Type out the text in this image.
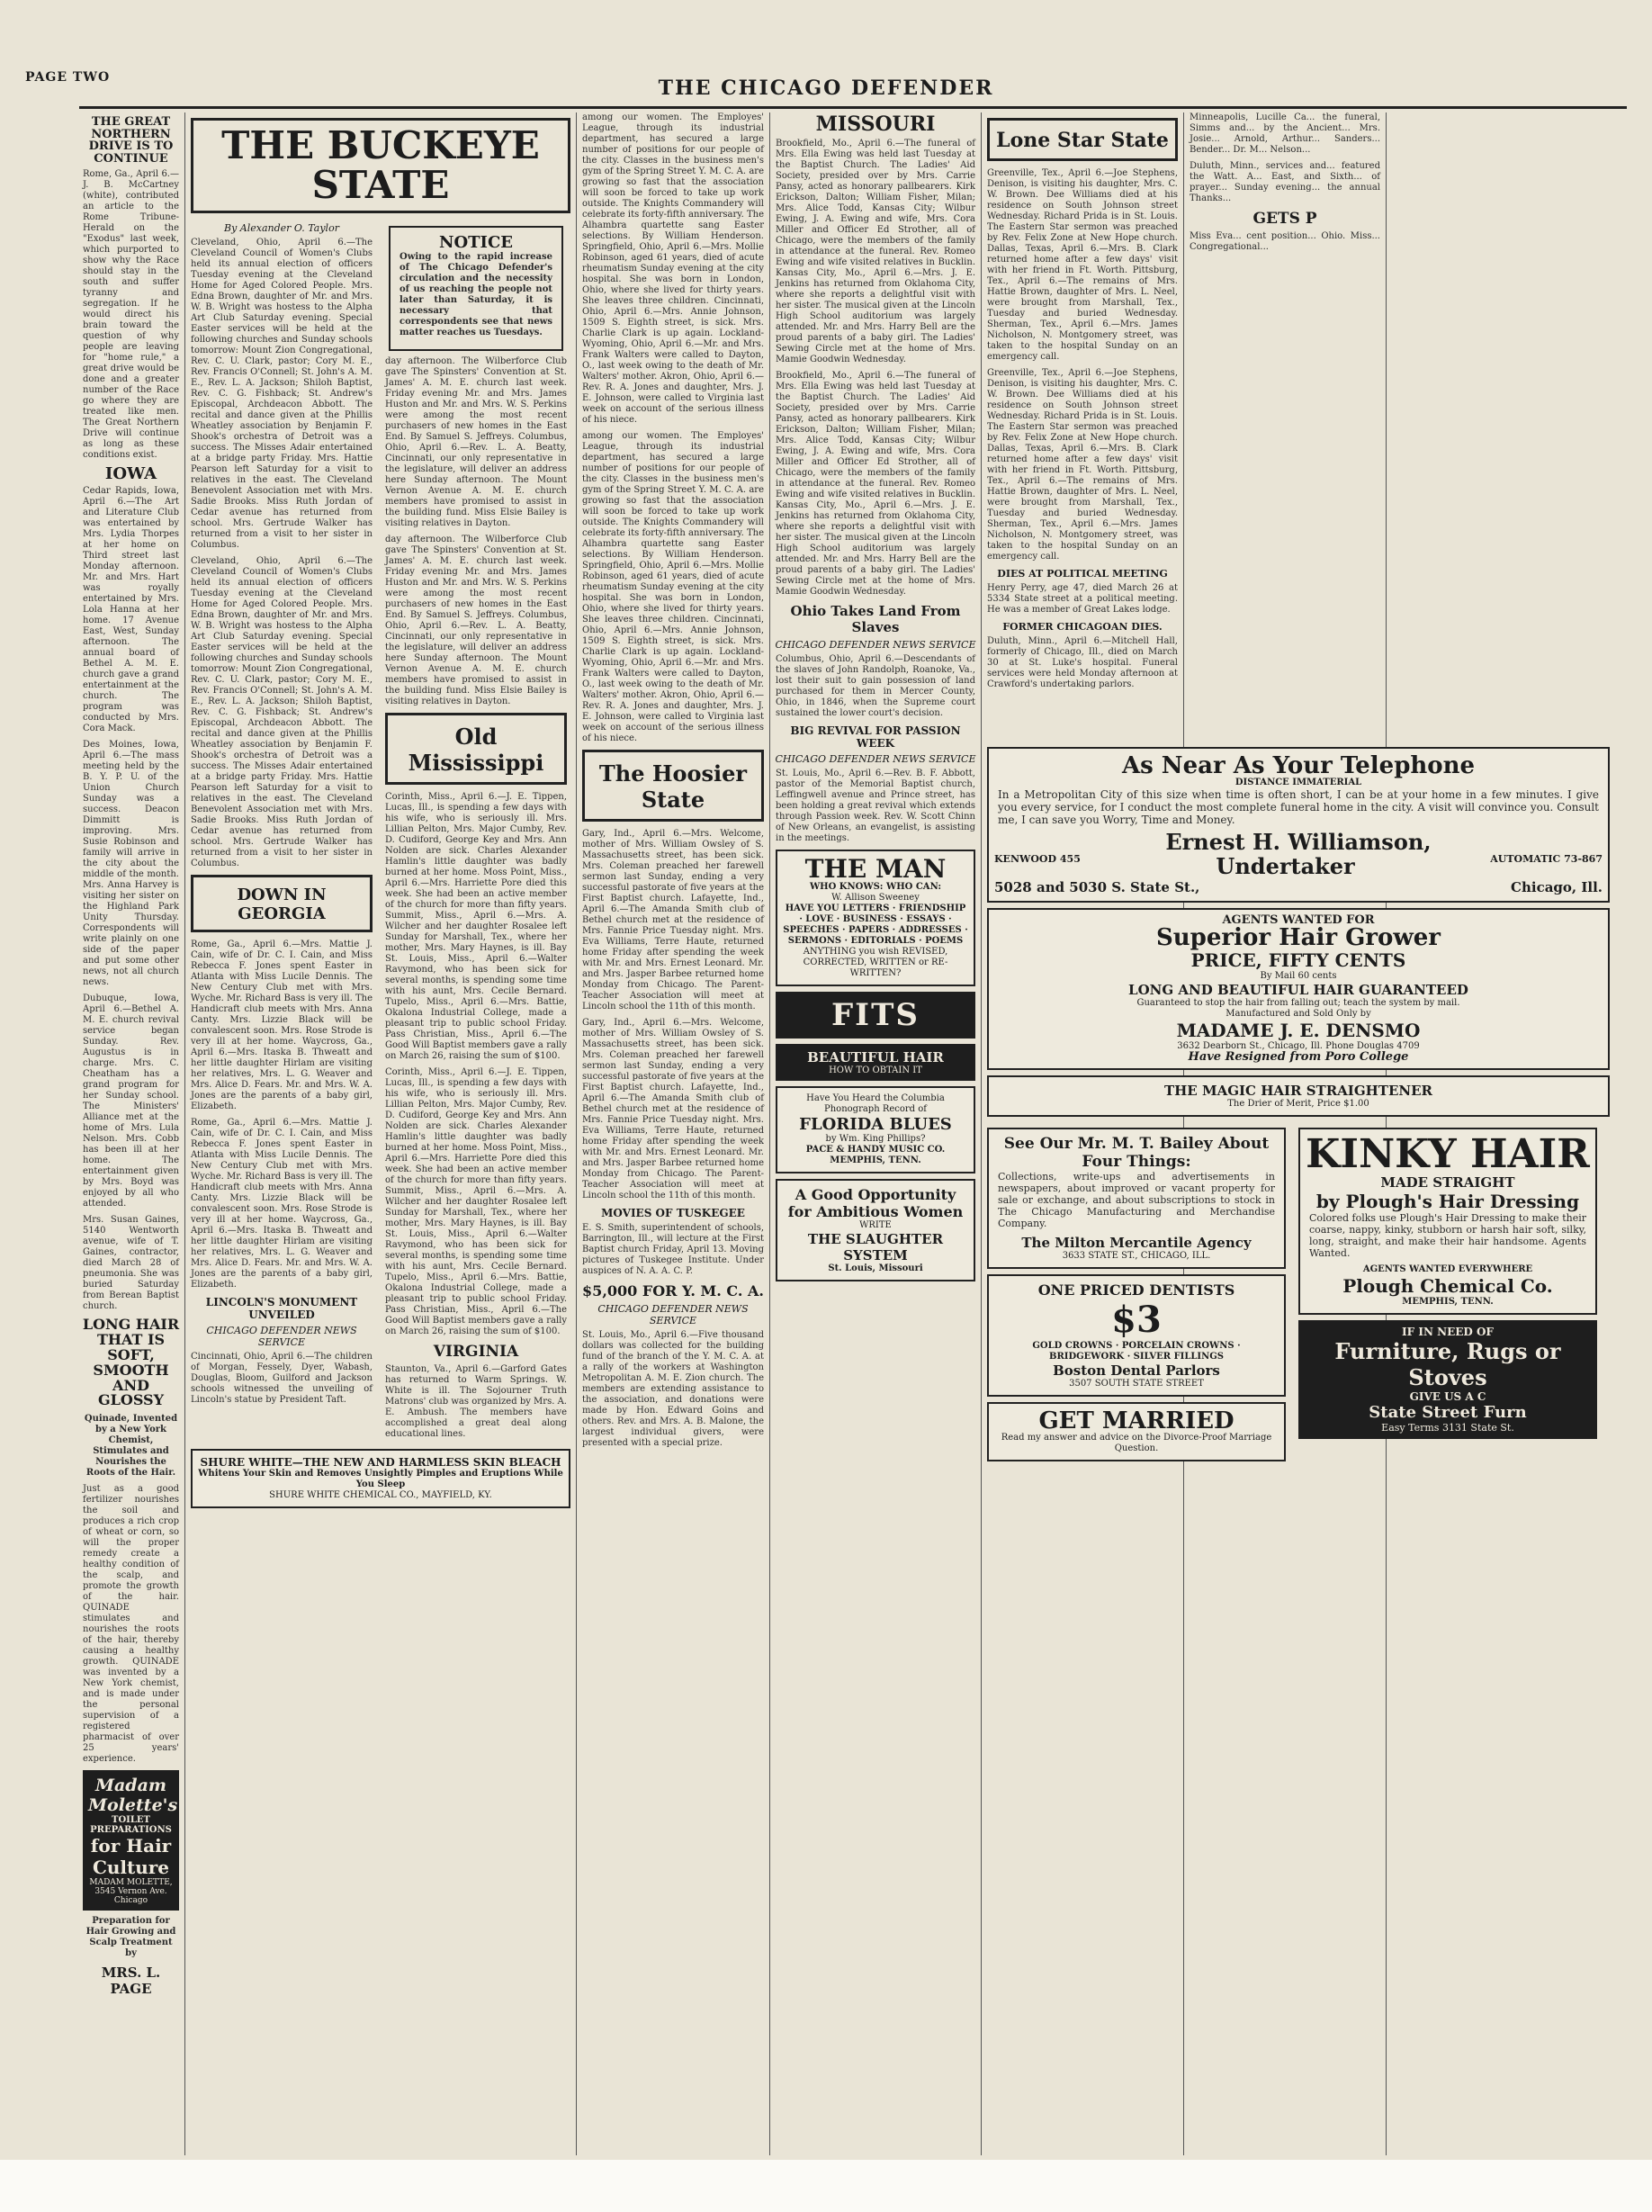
PAGE TWO	THE CHICAGO DEFENDER
THE GREAT NORTHERN DRIVE IS TO CONTINUE
Rome, Ga., April 6.—J. B. McCartney (white), contributed an article to the Rome Tribune-Herald on the "Exodus" last week, which purported to show why the Race should stay in the south and suffer tyranny and segregation. If he would direct his brain toward the question of why people are leaving for "home rule," a great drive would be done and a greater number of the Race go where they are treated like men. The Great Northern Drive will continue as long as these conditions exist.
IOWA
Cedar Rapids, Iowa, April 6.—The Art and Literature Club was entertained by Mrs. Lydia Thorpes at her home on Third street last Monday afternoon. Mr. and Mrs. Hart was royally entertained by Mrs. Lola Hanna at her home. 17 Avenue East, West, Sunday afternoon. The annual board of Bethel A. M. E. church gave a grand entertainment at the church. The program was conducted by Mrs. Cora Mack.
Des Moines, Iowa, April 6.—The mass meeting held by the B. Y. P. U. of the Union Church Sunday was a success. Deacon Dimmitt is improving. Mrs. Susie Robinson and family will arrive in the city about the middle of the month. Mrs. Anna Harvey is visiting her sister on the Highland Park Unity Thursday. Correspondents will write plainly on one side of the paper and put some other news, not all church news.
Dubuque, Iowa, April 6.—Bethel A. M. E. church revival service began Sunday. Rev. Augustus is in charge. Mrs. C. Cheatham has a grand program for her Sunday school. The Ministers' Alliance met at the home of Mrs. Lula Nelson. Mrs. Cobb has been ill at her home. The entertainment given by Mrs. Boyd was enjoyed by all who attended.
Mrs. Susan Gaines, 5140 Wentworth avenue, wife of T. Gaines, contractor, died March 28 of pneumonia. She was buried Saturday from Berean Baptist church.
LONG HAIR THAT IS SOFT, SMOOTH AND GLOSSY
Quinade, Invented by a New York Chemist, Stimulates and Nourishes the Roots of the Hair.
Just as a good fertilizer nourishes the soil and produces a rich crop of wheat or corn, so will the proper remedy create a healthy condition of the scalp, and promote the growth of the hair. QUINADE stimulates and nourishes the roots of the hair, thereby causing a healthy growth. QUINADE was invented by a New York chemist, and is made under the personal supervision of a registered pharmacist of over 25 years' experience.
Madam Molette's
TOILET PREPARATIONS
for Hair Culture
MADAM MOLETTE, 3545 Vernon Ave. Chicago
Preparation for Hair Growing and Scalp Treatment by
MRS. L. PAGE
THE BUCKEYE STATE
By Alexander O. Taylor
Cleveland, Ohio, April 6.—The Cleveland Council of Women's Clubs held its annual election of officers Tuesday evening at the Cleveland Home for Aged Colored People. Mrs. Edna Brown, daughter of Mr. and Mrs. W. B. Wright was hostess to the Alpha Art Club Saturday evening. Special Easter services will be held at the following churches and Sunday schools tomorrow: Mount Zion Congregational, Rev. C. U. Clark, pastor; Cory M. E., Rev. Francis O'Connell; St. John's A. M. E., Rev. L. A. Jackson; Shiloh Baptist, Rev. C. G. Fishback; St. Andrew's Episcopal, Archdeacon Abbott. The recital and dance given at the Phillis Wheatley association by Benjamin F. Shook's orchestra of Detroit was a success. The Misses Adair entertained at a bridge party Friday. Mrs. Hattie Pearson left Saturday for a visit to relatives in the east. The Cleveland Benevolent Association met with Mrs. Sadie Brooks. Miss Ruth Jordan of Cedar avenue has returned from school. Mrs. Gertrude Walker has returned from a visit to her sister in Columbus.
Cleveland, Ohio, April 6.—The Cleveland Council of Women's Clubs held its annual election of officers Tuesday evening at the Cleveland Home for Aged Colored People. Mrs. Edna Brown, daughter of Mr. and Mrs. W. B. Wright was hostess to the Alpha Art Club Saturday evening. Special Easter services will be held at the following churches and Sunday schools tomorrow: Mount Zion Congregational, Rev. C. U. Clark, pastor; Cory M. E., Rev. Francis O'Connell; St. John's A. M. E., Rev. L. A. Jackson; Shiloh Baptist, Rev. C. G. Fishback; St. Andrew's Episcopal, Archdeacon Abbott. The recital and dance given at the Phillis Wheatley association by Benjamin F. Shook's orchestra of Detroit was a success. The Misses Adair entertained at a bridge party Friday. Mrs. Hattie Pearson left Saturday for a visit to relatives in the east. The Cleveland Benevolent Association met with Mrs. Sadie Brooks. Miss Ruth Jordan of Cedar avenue has returned from school. Mrs. Gertrude Walker has returned from a visit to her sister in Columbus.
DOWN IN GEORGIA
Rome, Ga., April 6.—Mrs. Mattie J. Cain, wife of Dr. C. I. Cain, and Miss Rebecca F. Jones spent Easter in Atlanta with Miss Lucile Dennis. The New Century Club met with Mrs. Wyche. Mr. Richard Bass is very ill. The Handicraft club meets with Mrs. Anna Canty. Mrs. Lizzie Black will be convalescent soon. Mrs. Rose Strode is very ill at her home. Waycross, Ga., April 6.—Mrs. Itaska B. Thweatt and her little daughter Hirlam are visiting her relatives, Mrs. L. G. Weaver and Mrs. Alice D. Fears. Mr. and Mrs. W. A. Jones are the parents of a baby girl, Elizabeth.
Rome, Ga., April 6.—Mrs. Mattie J. Cain, wife of Dr. C. I. Cain, and Miss Rebecca F. Jones spent Easter in Atlanta with Miss Lucile Dennis. The New Century Club met with Mrs. Wyche. Mr. Richard Bass is very ill. The Handicraft club meets with Mrs. Anna Canty. Mrs. Lizzie Black will be convalescent soon. Mrs. Rose Strode is very ill at her home. Waycross, Ga., April 6.—Mrs. Itaska B. Thweatt and her little daughter Hirlam are visiting her relatives, Mrs. L. G. Weaver and Mrs. Alice D. Fears. Mr. and Mrs. W. A. Jones are the parents of a baby girl, Elizabeth.
LINCOLN'S MONUMENT UNVEILED
CHICAGO DEFENDER NEWS SERVICE
Cincinnati, Ohio, April 6.—The children of Morgan, Fessely, Dyer, Wabash, Douglas, Bloom, Guilford and Jackson schools witnessed the unveiling of Lincoln's statue by President Taft.
NOTICE
Owing to the rapid increase of The Chicago Defender's circulation and the necessity of us reaching the people not later than Saturday, it is necessary that correspondents see that news matter reaches us Tuesdays.
day afternoon. The Wilberforce Club gave The Spinsters' Convention at St. James' A. M. E. church last week. Friday evening Mr. and Mrs. James Huston and Mr. and Mrs. W. S. Perkins were among the most recent purchasers of new homes in the East End. By Samuel S. Jeffreys. Columbus, Ohio, April 6.—Rev. L. A. Beatty, Cincinnati, our only representative in the legislature, will deliver an address here Sunday afternoon. The Mount Vernon Avenue A. M. E. church members have promised to assist in the building fund. Miss Elsie Bailey is visiting relatives in Dayton.
day afternoon. The Wilberforce Club gave The Spinsters' Convention at St. James' A. M. E. church last week. Friday evening Mr. and Mrs. James Huston and Mr. and Mrs. W. S. Perkins were among the most recent purchasers of new homes in the East End. By Samuel S. Jeffreys. Columbus, Ohio, April 6.—Rev. L. A. Beatty, Cincinnati, our only representative in the legislature, will deliver an address here Sunday afternoon. The Mount Vernon Avenue A. M. E. church members have promised to assist in the building fund. Miss Elsie Bailey is visiting relatives in Dayton.
Old Mississippi
Corinth, Miss., April 6.—J. E. Tippen, Lucas, Ill., is spending a few days with his wife, who is seriously ill. Mrs. Lillian Pelton, Mrs. Major Cumby, Rev. D. Cudiford, George Key and Mrs. Ann Nolden are sick. Charles Alexander Hamlin's little daughter was badly burned at her home. Moss Point, Miss., April 6.—Mrs. Harriette Pore died this week. She had been an active member of the church for more than fifty years. Summit, Miss., April 6.—Mrs. A. Wilcher and her daughter Rosalee left Sunday for Marshall, Tex., where her mother, Mrs. Mary Haynes, is ill. Bay St. Louis, Miss., April 6.—Walter Ravymond, who has been sick for several months, is spending some time with his aunt, Mrs. Cecile Bernard. Tupelo, Miss., April 6.—Mrs. Battie, Okalona Industrial College, made a pleasant trip to public school Friday. Pass Christian, Miss., April 6.—The Good Will Baptist members gave a rally on March 26, raising the sum of $100.
Corinth, Miss., April 6.—J. E. Tippen, Lucas, Ill., is spending a few days with his wife, who is seriously ill. Mrs. Lillian Pelton, Mrs. Major Cumby, Rev. D. Cudiford, George Key and Mrs. Ann Nolden are sick. Charles Alexander Hamlin's little daughter was badly burned at her home. Moss Point, Miss., April 6.—Mrs. Harriette Pore died this week. She had been an active member of the church for more than fifty years. Summit, Miss., April 6.—Mrs. A. Wilcher and her daughter Rosalee left Sunday for Marshall, Tex., where her mother, Mrs. Mary Haynes, is ill. Bay St. Louis, Miss., April 6.—Walter Ravymond, who has been sick for several months, is spending some time with his aunt, Mrs. Cecile Bernard. Tupelo, Miss., April 6.—Mrs. Battie, Okalona Industrial College, made a pleasant trip to public school Friday. Pass Christian, Miss., April 6.—The Good Will Baptist members gave a rally on March 26, raising the sum of $100.
VIRGINIA
Staunton, Va., April 6.—Garford Gates has returned to Warm Springs. W. White is ill. The Sojourner Truth Matrons' club was organized by Mrs. A. E. Ambush. The members have accomplished a great deal along educational lines.
SHURE WHITE—THE NEW AND HARMLESS SKIN BLEACH
Whitens Your Skin and Removes Unsightly Pimples and Eruptions While You Sleep
SHURE WHITE CHEMICAL CO., MAYFIELD, KY.
among our women. The Employes' League, through its industrial department, has secured a large number of positions for our people of the city. Classes in the business men's gym of the Spring Street Y. M. C. A. are growing so fast that the association will soon be forced to take up work outside. The Knights Commandery will celebrate its forty-fifth anniversary. The Alhambra quartette sang Easter selections. By William Henderson. Springfield, Ohio, April 6.—Mrs. Mollie Robinson, aged 61 years, died of acute rheumatism Sunday evening at the city hospital. She was born in London, Ohio, where she lived for thirty years. She leaves three children. Cincinnati, Ohio, April 6.—Mrs. Annie Johnson, 1509 S. Eighth street, is sick. Mrs. Charlie Clark is up again. Lockland-Wyoming, Ohio, April 6.—Mr. and Mrs. Frank Walters were called to Dayton, O., last week owing to the death of Mr. Walters' mother. Akron, Ohio, April 6.—Rev. R. A. Jones and daughter, Mrs. J. E. Johnson, were called to Virginia last week on account of the serious illness of his niece.
among our women. The Employes' League, through its industrial department, has secured a large number of positions for our people of the city. Classes in the business men's gym of the Spring Street Y. M. C. A. are growing so fast that the association will soon be forced to take up work outside. The Knights Commandery will celebrate its forty-fifth anniversary. The Alhambra quartette sang Easter selections. By William Henderson. Springfield, Ohio, April 6.—Mrs. Mollie Robinson, aged 61 years, died of acute rheumatism Sunday evening at the city hospital. She was born in London, Ohio, where she lived for thirty years. She leaves three children. Cincinnati, Ohio, April 6.—Mrs. Annie Johnson, 1509 S. Eighth street, is sick. Mrs. Charlie Clark is up again. Lockland-Wyoming, Ohio, April 6.—Mr. and Mrs. Frank Walters were called to Dayton, O., last week owing to the death of Mr. Walters' mother. Akron, Ohio, April 6.—Rev. R. A. Jones and daughter, Mrs. J. E. Johnson, were called to Virginia last week on account of the serious illness of his niece.
The Hoosier State
Gary, Ind., April 6.—Mrs. Welcome, mother of Mrs. William Owsley of S. Massachusetts street, has been sick. Mrs. Coleman preached her farewell sermon last Sunday, ending a very successful pastorate of five years at the First Baptist church. Lafayette, Ind., April 6.—The Amanda Smith club of Bethel church met at the residence of Mrs. Fannie Price Tuesday night. Mrs. Eva Williams, Terre Haute, returned home Friday after spending the week with Mr. and Mrs. Ernest Leonard. Mr. and Mrs. Jasper Barbee returned home Monday from Chicago. The Parent-Teacher Association will meet at Lincoln school the 11th of this month.
Gary, Ind., April 6.—Mrs. Welcome, mother of Mrs. William Owsley of S. Massachusetts street, has been sick. Mrs. Coleman preached her farewell sermon last Sunday, ending a very successful pastorate of five years at the First Baptist church. Lafayette, Ind., April 6.—The Amanda Smith club of Bethel church met at the residence of Mrs. Fannie Price Tuesday night. Mrs. Eva Williams, Terre Haute, returned home Friday after spending the week with Mr. and Mrs. Ernest Leonard. Mr. and Mrs. Jasper Barbee returned home Monday from Chicago. The Parent-Teacher Association will meet at Lincoln school the 11th of this month.
MOVIES OF TUSKEGEE
E. S. Smith, superintendent of schools, Barrington, Ill., will lecture at the First Baptist church Friday, April 13. Moving pictures of Tuskegee Institute. Under auspices of N. A. A. C. P.
$5,000 FOR Y. M. C. A.
CHICAGO DEFENDER NEWS SERVICE
St. Louis, Mo., April 6.—Five thousand dollars was collected for the building fund of the branch of the Y. M. C. A. at a rally of the workers at Washington Metropolitan A. M. E. Zion church. The members are extending assistance to the association, and donations were made by Hon. Edward Goins and others. Rev. and Mrs. A. B. Malone, the largest individual givers, were presented with a special prize.
MISSOURI
Brookfield, Mo., April 6.—The funeral of Mrs. Ella Ewing was held last Tuesday at the Baptist Church. The Ladies' Aid Society, presided over by Mrs. Carrie Pansy, acted as honorary pallbearers. Kirk Erickson, Dalton; William Fisher, Milan; Mrs. Alice Todd, Kansas City; Wilbur Ewing, J. A. Ewing and wife, Mrs. Cora Miller and Officer Ed Strother, all of Chicago, were the members of the family in attendance at the funeral. Rev. Romeo Ewing and wife visited relatives in Bucklin. Kansas City, Mo., April 6.—Mrs. J. E. Jenkins has returned from Oklahoma City, where she reports a delightful visit with her sister. The musical given at the Lincoln High School auditorium was largely attended. Mr. and Mrs. Harry Bell are the proud parents of a baby girl. The Ladies' Sewing Circle met at the home of Mrs. Mamie Goodwin Wednesday.
Brookfield, Mo., April 6.—The funeral of Mrs. Ella Ewing was held last Tuesday at the Baptist Church. The Ladies' Aid Society, presided over by Mrs. Carrie Pansy, acted as honorary pallbearers. Kirk Erickson, Dalton; William Fisher, Milan; Mrs. Alice Todd, Kansas City; Wilbur Ewing, J. A. Ewing and wife, Mrs. Cora Miller and Officer Ed Strother, all of Chicago, were the members of the family in attendance at the funeral. Rev. Romeo Ewing and wife visited relatives in Bucklin. Kansas City, Mo., April 6.—Mrs. J. E. Jenkins has returned from Oklahoma City, where she reports a delightful visit with her sister. The musical given at the Lincoln High School auditorium was largely attended. Mr. and Mrs. Harry Bell are the proud parents of a baby girl. The Ladies' Sewing Circle met at the home of Mrs. Mamie Goodwin Wednesday.
Ohio Takes Land From Slaves
CHICAGO DEFENDER NEWS SERVICE
Columbus, Ohio, April 6.—Descendants of the slaves of John Randolph, Roanoke, Va., lost their suit to gain possession of land purchased for them in Mercer County, Ohio, in 1846, when the Supreme court sustained the lower court's decision.
BIG REVIVAL FOR PASSION WEEK
CHICAGO DEFENDER NEWS SERVICE
St. Louis, Mo., April 6.—Rev. B. F. Abbott, pastor of the Memorial Baptist church, Leffingwell avenue and Prince street, has been holding a great revival which extends through Passion week. Rev. W. Scott Chinn of New Orleans, an evangelist, is assisting in the meetings.
THE MAN
WHO KNOWS: WHO CAN:
W. Allison Sweeney
HAVE YOU LETTERS · FRIENDSHIP · LOVE · BUSINESS · ESSAYS · SPEECHES · PAPERS · ADDRESSES · SERMONS · EDITORIALS · POEMS
ANYTHING you wish REVISED, CORRECTED, WRITTEN or RE-WRITTEN?
FITS
BEAUTIFUL HAIR
HOW TO OBTAIN IT
Have You Heard the Columbia Phonograph Record of
FLORIDA BLUES
by Wm. King Phillips?
PACE & HANDY MUSIC CO. MEMPHIS, TENN.
A Good Opportunity for Ambitious Women
WRITE
THE SLAUGHTER SYSTEM
St. Louis, Missouri
Lone Star State
Greenville, Tex., April 6.—Joe Stephens, Denison, is visiting his daughter, Mrs. C. W. Brown. Dee Williams died at his residence on South Johnson street Wednesday. Richard Prida is in St. Louis. The Eastern Star sermon was preached by Rev. Felix Zone at New Hope church. Dallas, Texas, April 6.—Mrs. B. Clark returned home after a few days' visit with her friend in Ft. Worth. Pittsburg, Tex., April 6.—The remains of Mrs. Hattie Brown, daughter of Mrs. L. Neel, were brought from Marshall, Tex., Tuesday and buried Wednesday. Sherman, Tex., April 6.—Mrs. James Nicholson, N. Montgomery street, was taken to the hospital Sunday on an emergency call.
Greenville, Tex., April 6.—Joe Stephens, Denison, is visiting his daughter, Mrs. C. W. Brown. Dee Williams died at his residence on South Johnson street Wednesday. Richard Prida is in St. Louis. The Eastern Star sermon was preached by Rev. Felix Zone at New Hope church. Dallas, Texas, April 6.—Mrs. B. Clark returned home after a few days' visit with her friend in Ft. Worth. Pittsburg, Tex., April 6.—The remains of Mrs. Hattie Brown, daughter of Mrs. L. Neel, were brought from Marshall, Tex., Tuesday and buried Wednesday. Sherman, Tex., April 6.—Mrs. James Nicholson, N. Montgomery street, was taken to the hospital Sunday on an emergency call.
DIES AT POLITICAL MEETING
Henry Perry, age 47, died March 26 at 5334 State street at a political meeting. He was a member of Great Lakes lodge.
FORMER CHICAGOAN DIES.
Duluth, Minn., April 6.—Mitchell Hall, formerly of Chicago, Ill., died on March 30 at St. Luke's hospital. Funeral services were held Monday afternoon at Crawford's undertaking parlors.
Minneapolis, Lucille Ca... the funeral, Simms and... by the Ancient... Mrs. Josie... Arnold, Arthur... Sanders... Bender... Dr. M... Nelson...
Duluth, Minn., services and... featured the Watt. A... East, and Sixth... of prayer... Sunday evening... the annual Thanks...
GETS P
Miss Eva... cent position... Ohio. Miss... Congregational...
As Near As Your Telephone
DISTANCE IMMATERIAL
In a Metropolitan City of this size when time is often short, I can be at your home in a few minutes. I give you every service, for I conduct the most complete funeral home in the city. A visit will convince you. Consult me, I can save you Worry, Time and Money.
Ernest H. Williamson,
KENWOOD 455	Undertaker	AUTOMATIC 73-867
5028 and 5030 S. State St.,	Chicago, Ill.
AGENTS WANTED FOR
Superior Hair Grower
PRICE, FIFTY CENTS
By Mail 60 cents
LONG AND BEAUTIFUL HAIR GUARANTEED
Guaranteed to stop the hair from falling out; teach the system by mail.
Manufactured and Sold Only by
MADAME J. E. DENSMO
3632 Dearborn St., Chicago, Ill. Phone Douglas 4709
Have Resigned from Poro College
THE MAGIC HAIR STRAIGHTENER
The Drier of Merit, Price $1.00
See Our Mr. M. T. Bailey About Four Things:
Collections, write-ups and advertisements in newspapers, about improved or vacant property for sale or exchange, and about subscriptions to stock in The Chicago Manufacturing and Merchandise Company.
The Milton Mercantile Agency
3633 STATE ST., CHICAGO, ILL.
ONE PRICED DENTISTS
$3
GOLD CROWNS · PORCELAIN CROWNS · BRIDGEWORK · SILVER FILLINGS
Boston Dental Parlors
3507 SOUTH STATE STREET
GET MARRIED
Read my answer and advice on the Divorce-Proof Marriage Question.
KINKY HAIR
MADE STRAIGHT
by Plough's Hair Dressing
Colored folks use Plough's Hair Dressing to make their coarse, nappy, kinky, stubborn or harsh hair soft, silky, long, straight, and make their hair handsome. Agents Wanted.
AGENTS WANTED EVERYWHERE
Plough Chemical Co.
MEMPHIS, TENN.
IF IN NEED OF
Furniture, Rugs or Stoves
GIVE US A C
State Street Furn
Easy Terms 3131 State St.
